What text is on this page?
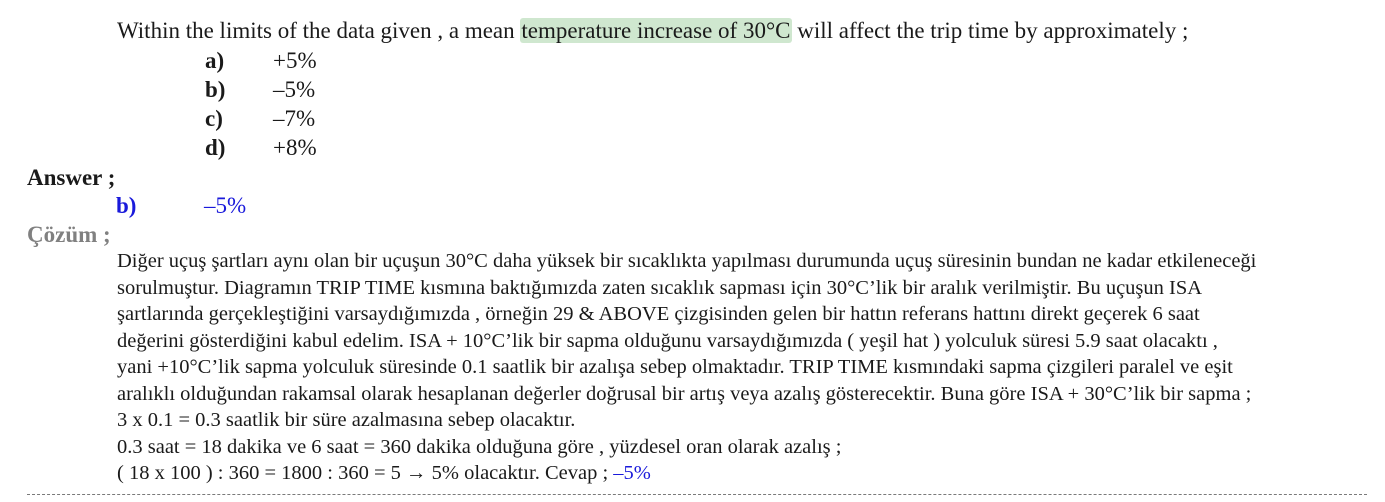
Within the limits of the data given , a mean temperature increase of 30°C will affect the trip time by approximately ;
a) +5%
b) –5%
c) –7%
d) +8%
Answer ;
b)	–5%
Çözüm ;
Diğer uçuş şartları aynı olan bir uçuşun 30°C daha yüksek bir sıcaklıkta yapılması durumunda uçuş süresinin bundan ne kadar etkileneceği
sorulmuştur. Diagramın TRIP TIME kısmına baktığımızda zaten sıcaklık sapması için 30°C’lik bir aralık verilmiştir. Bu uçuşun ISA
şartlarında gerçekleştiğini varsaydığımızda , örneğin 29 & ABOVE çizgisinden gelen bir hattın referans hattını direkt geçerek 6 saat
değerini gösterdiğini kabul edelim. ISA + 10°C’lik bir sapma olduğunu varsaydığımızda ( yeşil hat ) yolculuk süresi 5.9 saat olacaktı ,
yani +10°C’lik sapma yolculuk süresinde 0.1 saatlik bir azalışa sebep olmaktadır. TRIP TIME kısmındaki sapma çizgileri paralel ve eşit
aralıklı olduğundan rakamsal olarak hesaplanan değerler doğrusal bir artış veya azalış gösterecektir. Buna göre ISA + 30°C’lik bir sapma ;
3 x 0.1 = 0.3 saatlik bir süre azalmasına sebep olacaktır.
0.3 saat = 18 dakika ve 6 saat = 360 dakika olduğuna göre , yüzdesel oran olarak azalış ;
( 18 x 100 ) : 360 = 1800 : 360 = 5 → 5% olacaktır. Cevap ; –5%
